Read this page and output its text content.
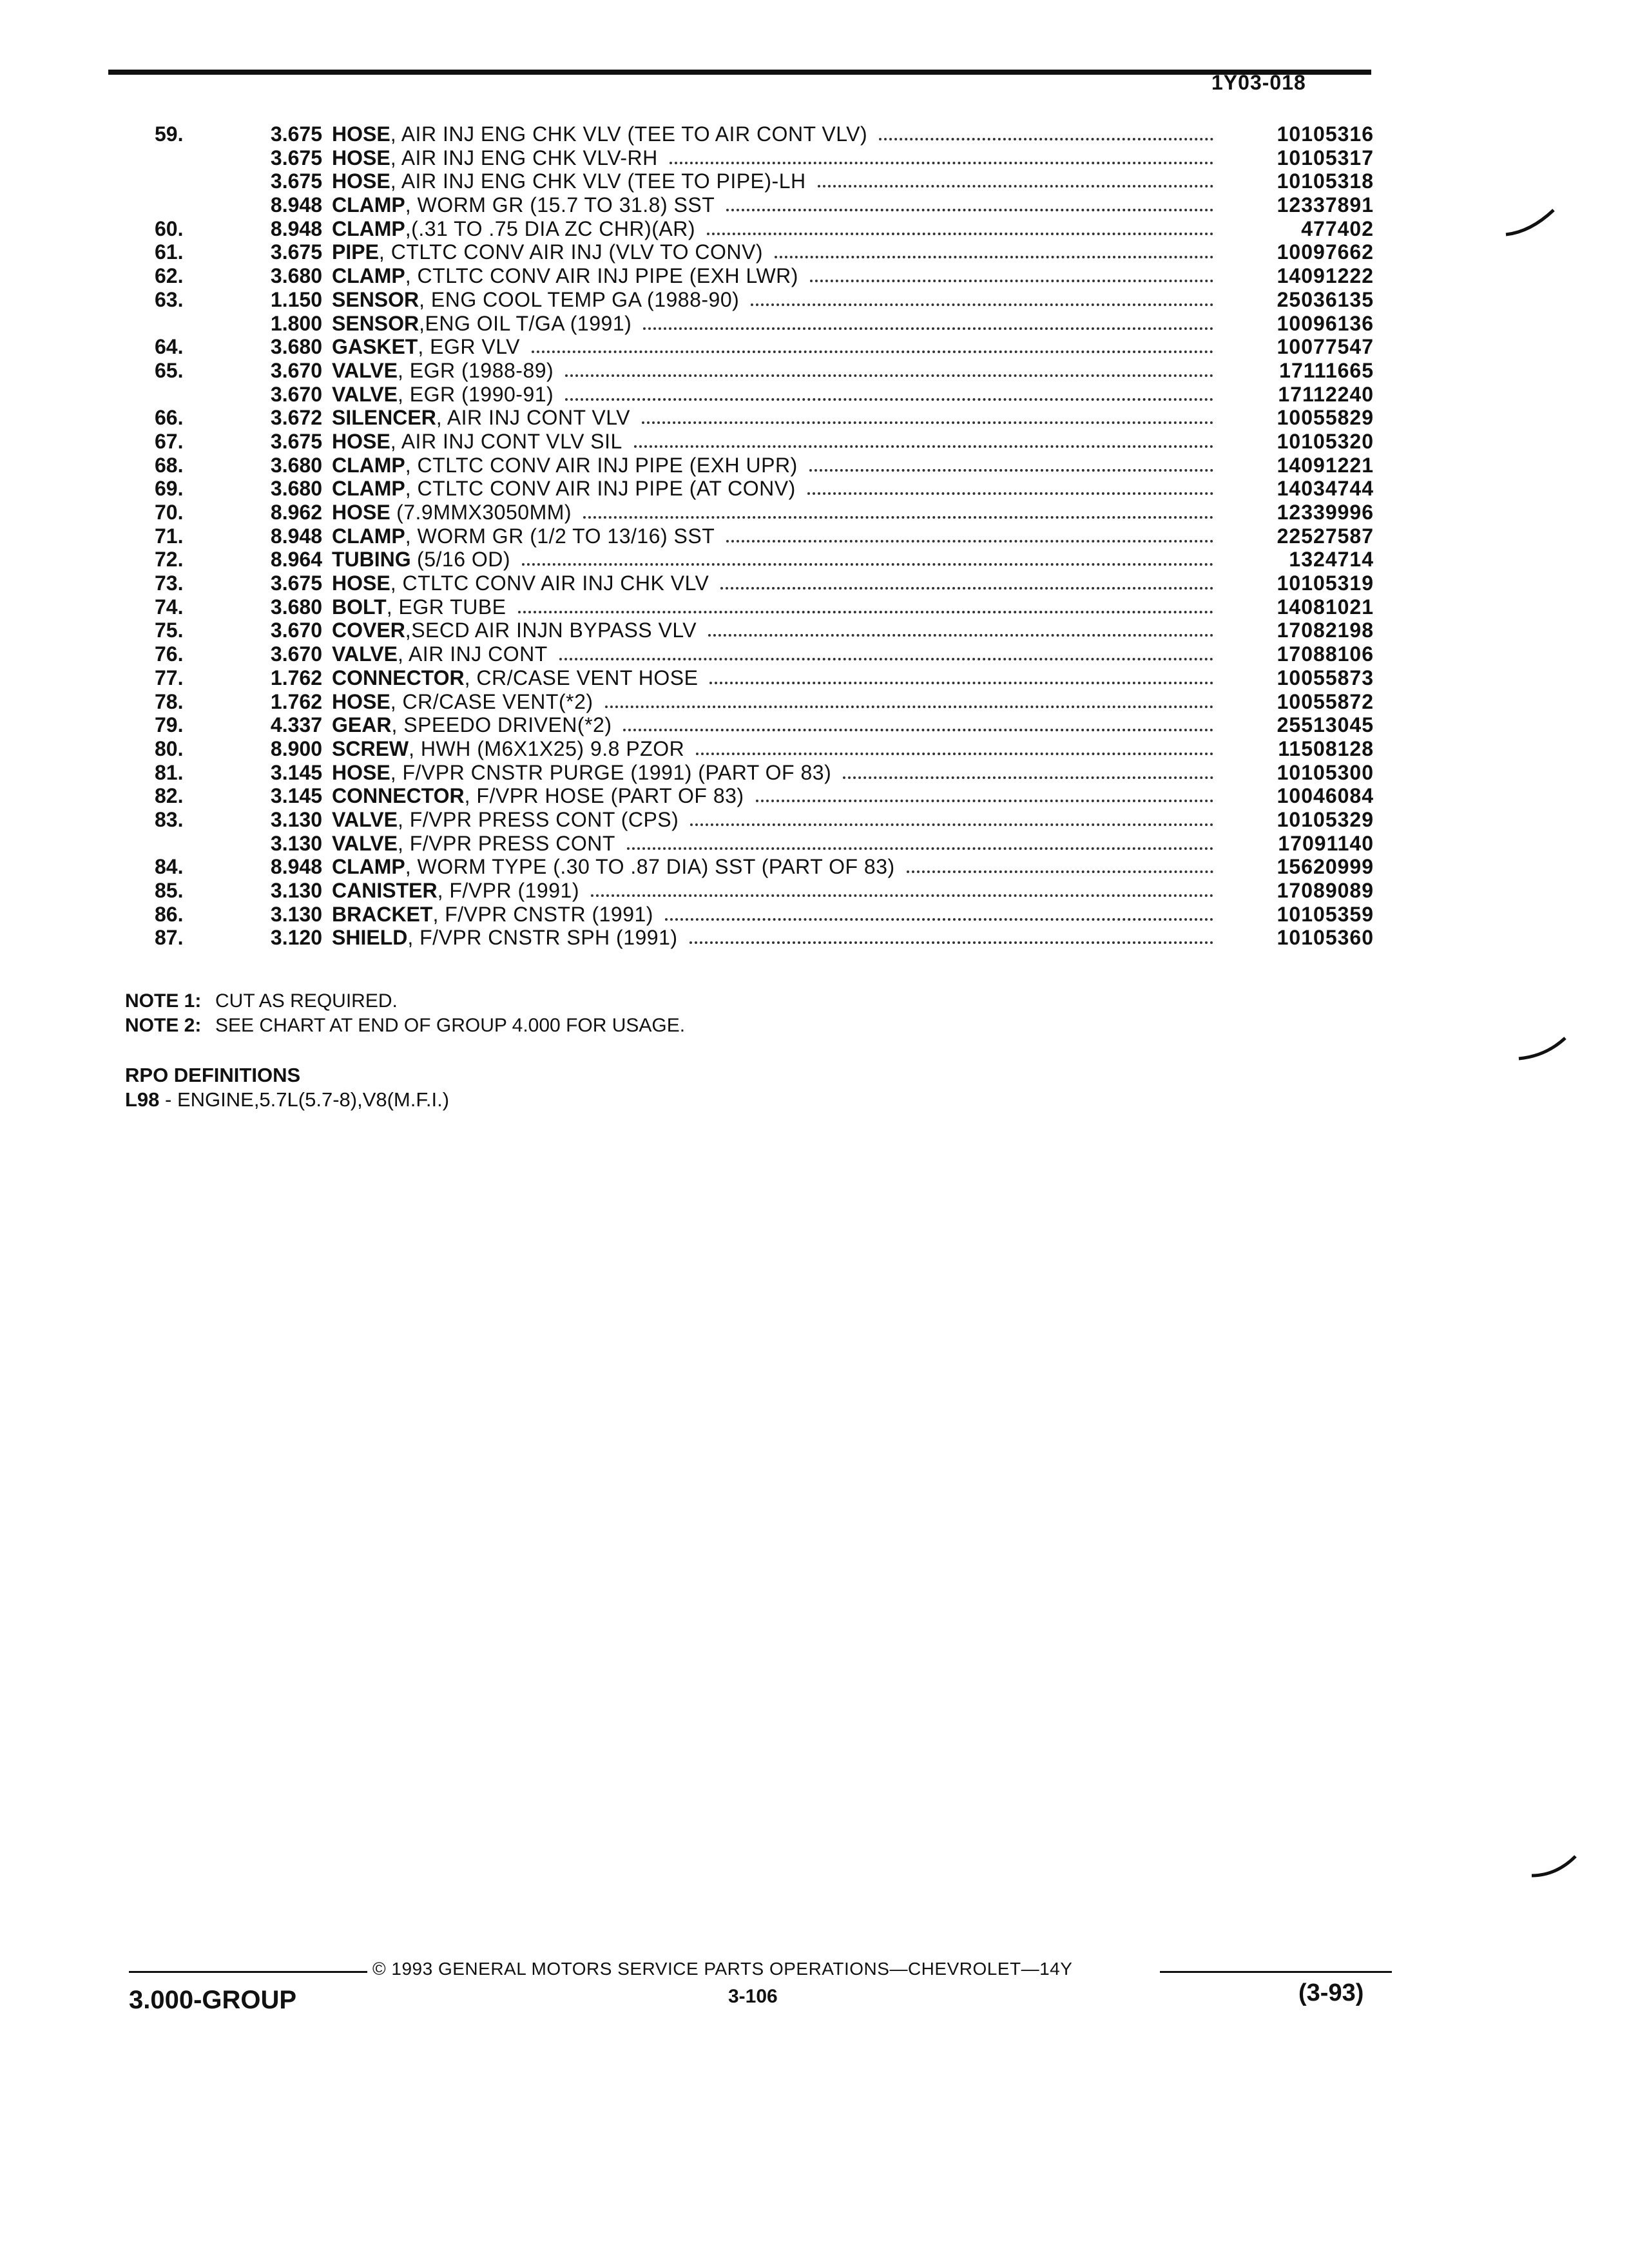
1Y03-018
59.	3.675 HOSE, AIR INJ ENG CHK VLV (TEE TO AIR CONT VLV)	10105316
3.675 HOSE, AIR INJ ENG CHK VLV-RH	10105317
3.675 HOSE, AIR INJ ENG CHK VLV (TEE TO PIPE)-LH	10105318
8.948 CLAMP, WORM GR (15.7 TO 31.8) SST	12337891
60.	8.948 CLAMP,(.31 TO .75 DIA ZC CHR)(AR)	477402
61.	3.675 PIPE, CTLTC CONV AIR INJ (VLV TO CONV)	10097662
62.	3.680 CLAMP, CTLTC CONV AIR INJ PIPE (EXH LWR)	14091222
63.	1.150 SENSOR, ENG COOL TEMP GA (1988-90)	25036135
1.800 SENSOR,ENG OIL T/GA (1991)	10096136
64.	3.680 GASKET, EGR VLV	10077547
65.	3.670 VALVE, EGR (1988-89)	17111665
3.670 VALVE, EGR (1990-91)	17112240
66.	3.672 SILENCER, AIR INJ CONT VLV	10055829
67.	3.675 HOSE, AIR INJ CONT VLV SIL	10105320
68.	3.680 CLAMP, CTLTC CONV AIR INJ PIPE (EXH UPR)	14091221
69.	3.680 CLAMP, CTLTC CONV AIR INJ PIPE (AT CONV)	14034744
70.	8.962 HOSE (7.9MMX3050MM)	12339996
71.	8.948 CLAMP, WORM GR (1/2 TO 13/16) SST	22527587
72.	8.964 TUBING (5/16 OD)	1324714
73.	3.675 HOSE, CTLTC CONV AIR INJ CHK VLV	10105319
74.	3.680 BOLT, EGR TUBE	14081021
75.	3.670 COVER,SECD AIR INJN BYPASS VLV	17082198
76.	3.670 VALVE, AIR INJ CONT	17088106
77.	1.762 CONNECTOR, CR/CASE VENT HOSE	10055873
78.	1.762 HOSE, CR/CASE VENT(*2)	10055872
79.	4.337 GEAR, SPEEDO DRIVEN(*2)	25513045
80.	8.900 SCREW, HWH (M6X1X25) 9.8 PZOR	11508128
81.	3.145 HOSE, F/VPR CNSTR PURGE (1991) (PART OF 83)	10105300
82.	3.145 CONNECTOR, F/VPR HOSE (PART OF 83)	10046084
83.	3.130 VALVE, F/VPR PRESS CONT (CPS)	10105329
3.130 VALVE, F/VPR PRESS CONT	17091140
84.	8.948 CLAMP, WORM TYPE (.30 TO .87 DIA) SST (PART OF 83)	15620999
85.	3.130 CANISTER, F/VPR (1991)	17089089
86.	3.130 BRACKET, F/VPR CNSTR (1991)	10105359
87.	3.120 SHIELD, F/VPR CNSTR SPH (1991)	10105360
NOTE 1: CUT AS REQUIRED.
NOTE 2: SEE CHART AT END OF GROUP 4.000 FOR USAGE.
RPO DEFINITIONS
L98 - ENGINE,5.7L(5.7-8),V8(M.F.I.)
© 1993 GENERAL MOTORS SERVICE PARTS OPERATIONS—CHEVROLET—14Y
3.000-GROUP	3-106	(3-93)
